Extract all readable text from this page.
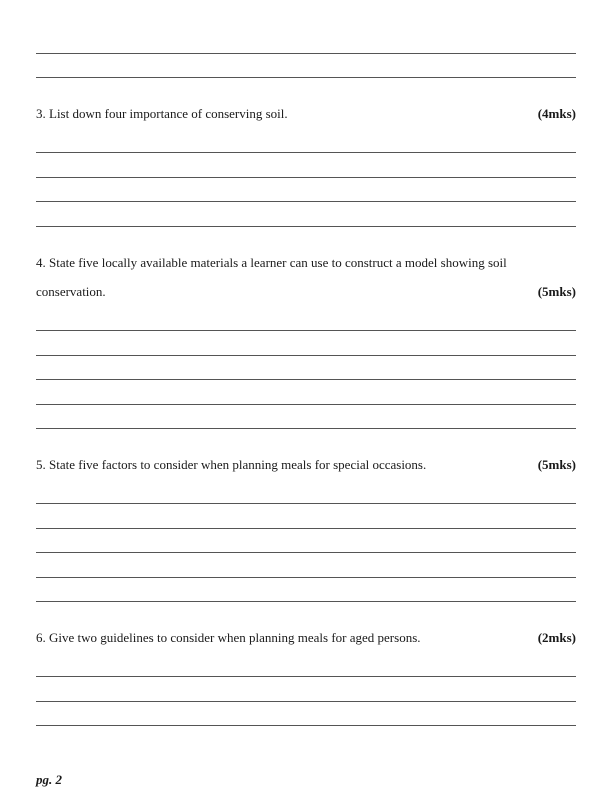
3. List down four importance of conserving soil.	(4mks)
4. State five locally available materials a learner can use to construct a model showing soil conservation.	(5mks)
5. State five factors to consider when planning meals for special occasions.	(5mks)
6. Give two guidelines to consider when planning meals for aged persons.	(2mks)
pg. 2
